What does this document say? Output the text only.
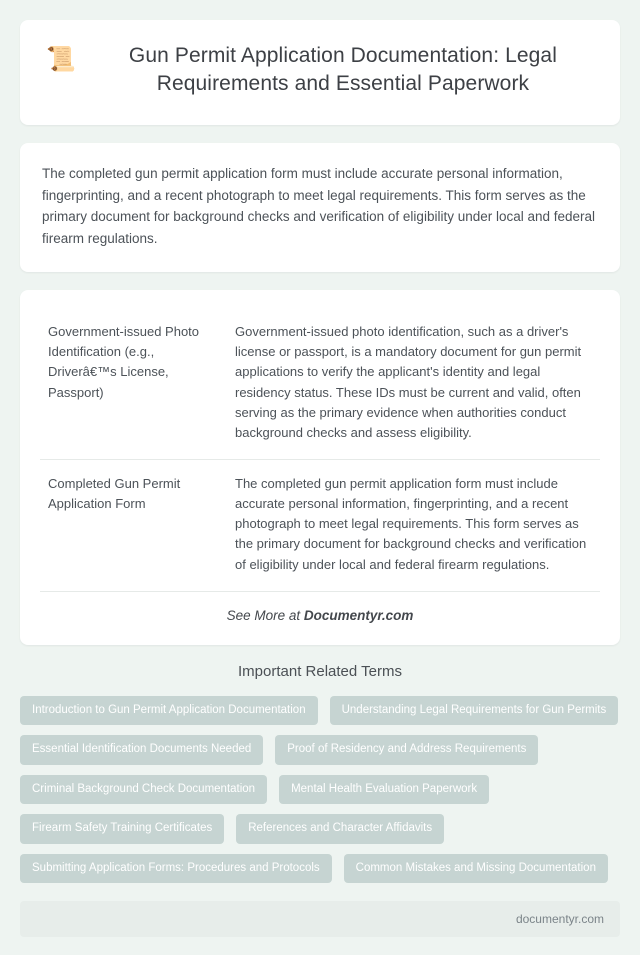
📜	Gun Permit Application Documentation: Legal Requirements and Essential Paperwork

The completed gun permit application form must include accurate personal information, fingerprinting, and a recent photograph to meet legal requirements. This form serves as the primary document for background checks and verification of eligibility under local and federal firearm regulations.

Government-issued Photo Identification (e.g., Driverâ€™s License, Passport)	Government-issued photo identification, such as a driver's license or passport, is a mandatory document for gun permit applications to verify the applicant's identity and legal residency status. These IDs must be current and valid, often serving as the primary evidence when authorities conduct background checks and assess eligibility.
Completed Gun Permit Application Form	The completed gun permit application form must include accurate personal information, fingerprinting, and a recent photograph to meet legal requirements. This form serves as the primary document for background checks and verification of eligibility under local and federal firearm regulations.
See More at Documentyr.com
Important Related Terms
Introduction to Gun Permit Application Documentation	Understanding Legal Requirements for Gun Permits
Essential Identification Documents Needed	Proof of Residency and Address Requirements
Criminal Background Check Documentation	Mental Health Evaluation Paperwork
Firearm Safety Training Certificates	References and Character Affidavits
Submitting Application Forms: Procedures and Protocols	Common Mistakes and Missing Documentation
documentyr.com
